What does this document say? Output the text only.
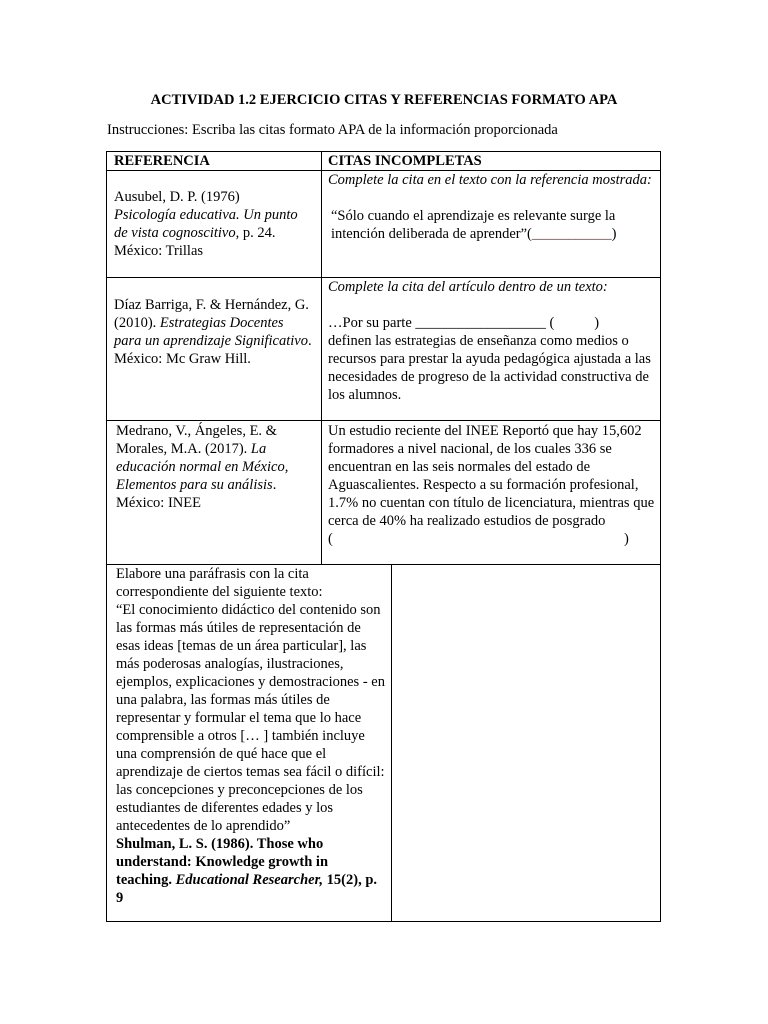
ACTIVIDAD 1.2 EJERCICIO CITAS Y REFERENCIAS FORMATO APA
Instrucciones: Escriba las citas formato APA de la información proporcionada
REFERENCIA	CITAS INCOMPLETAS

Ausubel, D. P. (1976)

Psicología educativa. Un punto de vista cognoscitivo, p. 24. México: Trillas

Complete la cita en el texto con la referencia mostrada:

“Sólo cuando el aprendizaje es relevante surge la intención deliberada de aprender”(___________)

Díaz Barriga, F. & Hernández, G. (2010). Estrategias Docentes para un aprendizaje Significativo. México: Mc Graw Hill.

Complete la cita del artículo dentro de un texto:

…Por su parte __________________ (           )

definen las estrategias de enseñanza como medios o recursos para prestar la ayuda pedagógica ajustada a las necesidades de progreso de la actividad constructiva de los alumnos.

Medrano, V., Ángeles, E. & Morales, M.A. (2017). La educación normal en México, Elementos para su análisis. México: INEE

Un estudio reciente del INEE Reportó que hay 15,602 formadores a nivel nacional, de los cuales 336 se encuentran en las seis normales del estado de Aguascalientes. Respecto a su formación profesional, 1.7% no cuentan con título de licenciatura, mientras que cerca de 40% ha realizado estudios de posgrado

(	)

Elabore una paráfrasis con la cita correspondiente del siguiente texto:

“El conocimiento didáctico del contenido son las formas más útiles de representación de esas ideas [temas de un área particular], las más poderosas analogías, ilustraciones, ejemplos, explicaciones y demostraciones - en una palabra, las formas más útiles de representar y formular el tema que lo hace comprensible a otros [… ] también incluye una comprensión de qué hace que el aprendizaje de ciertos temas sea fácil o difícil: las concepciones y preconcepciones de los estudiantes de diferentes edades y los antecedentes de lo aprendido”

Shulman, L. S. (1986). Those who understand: Knowledge growth in teaching. Educational Researcher, 15(2), p. 9
